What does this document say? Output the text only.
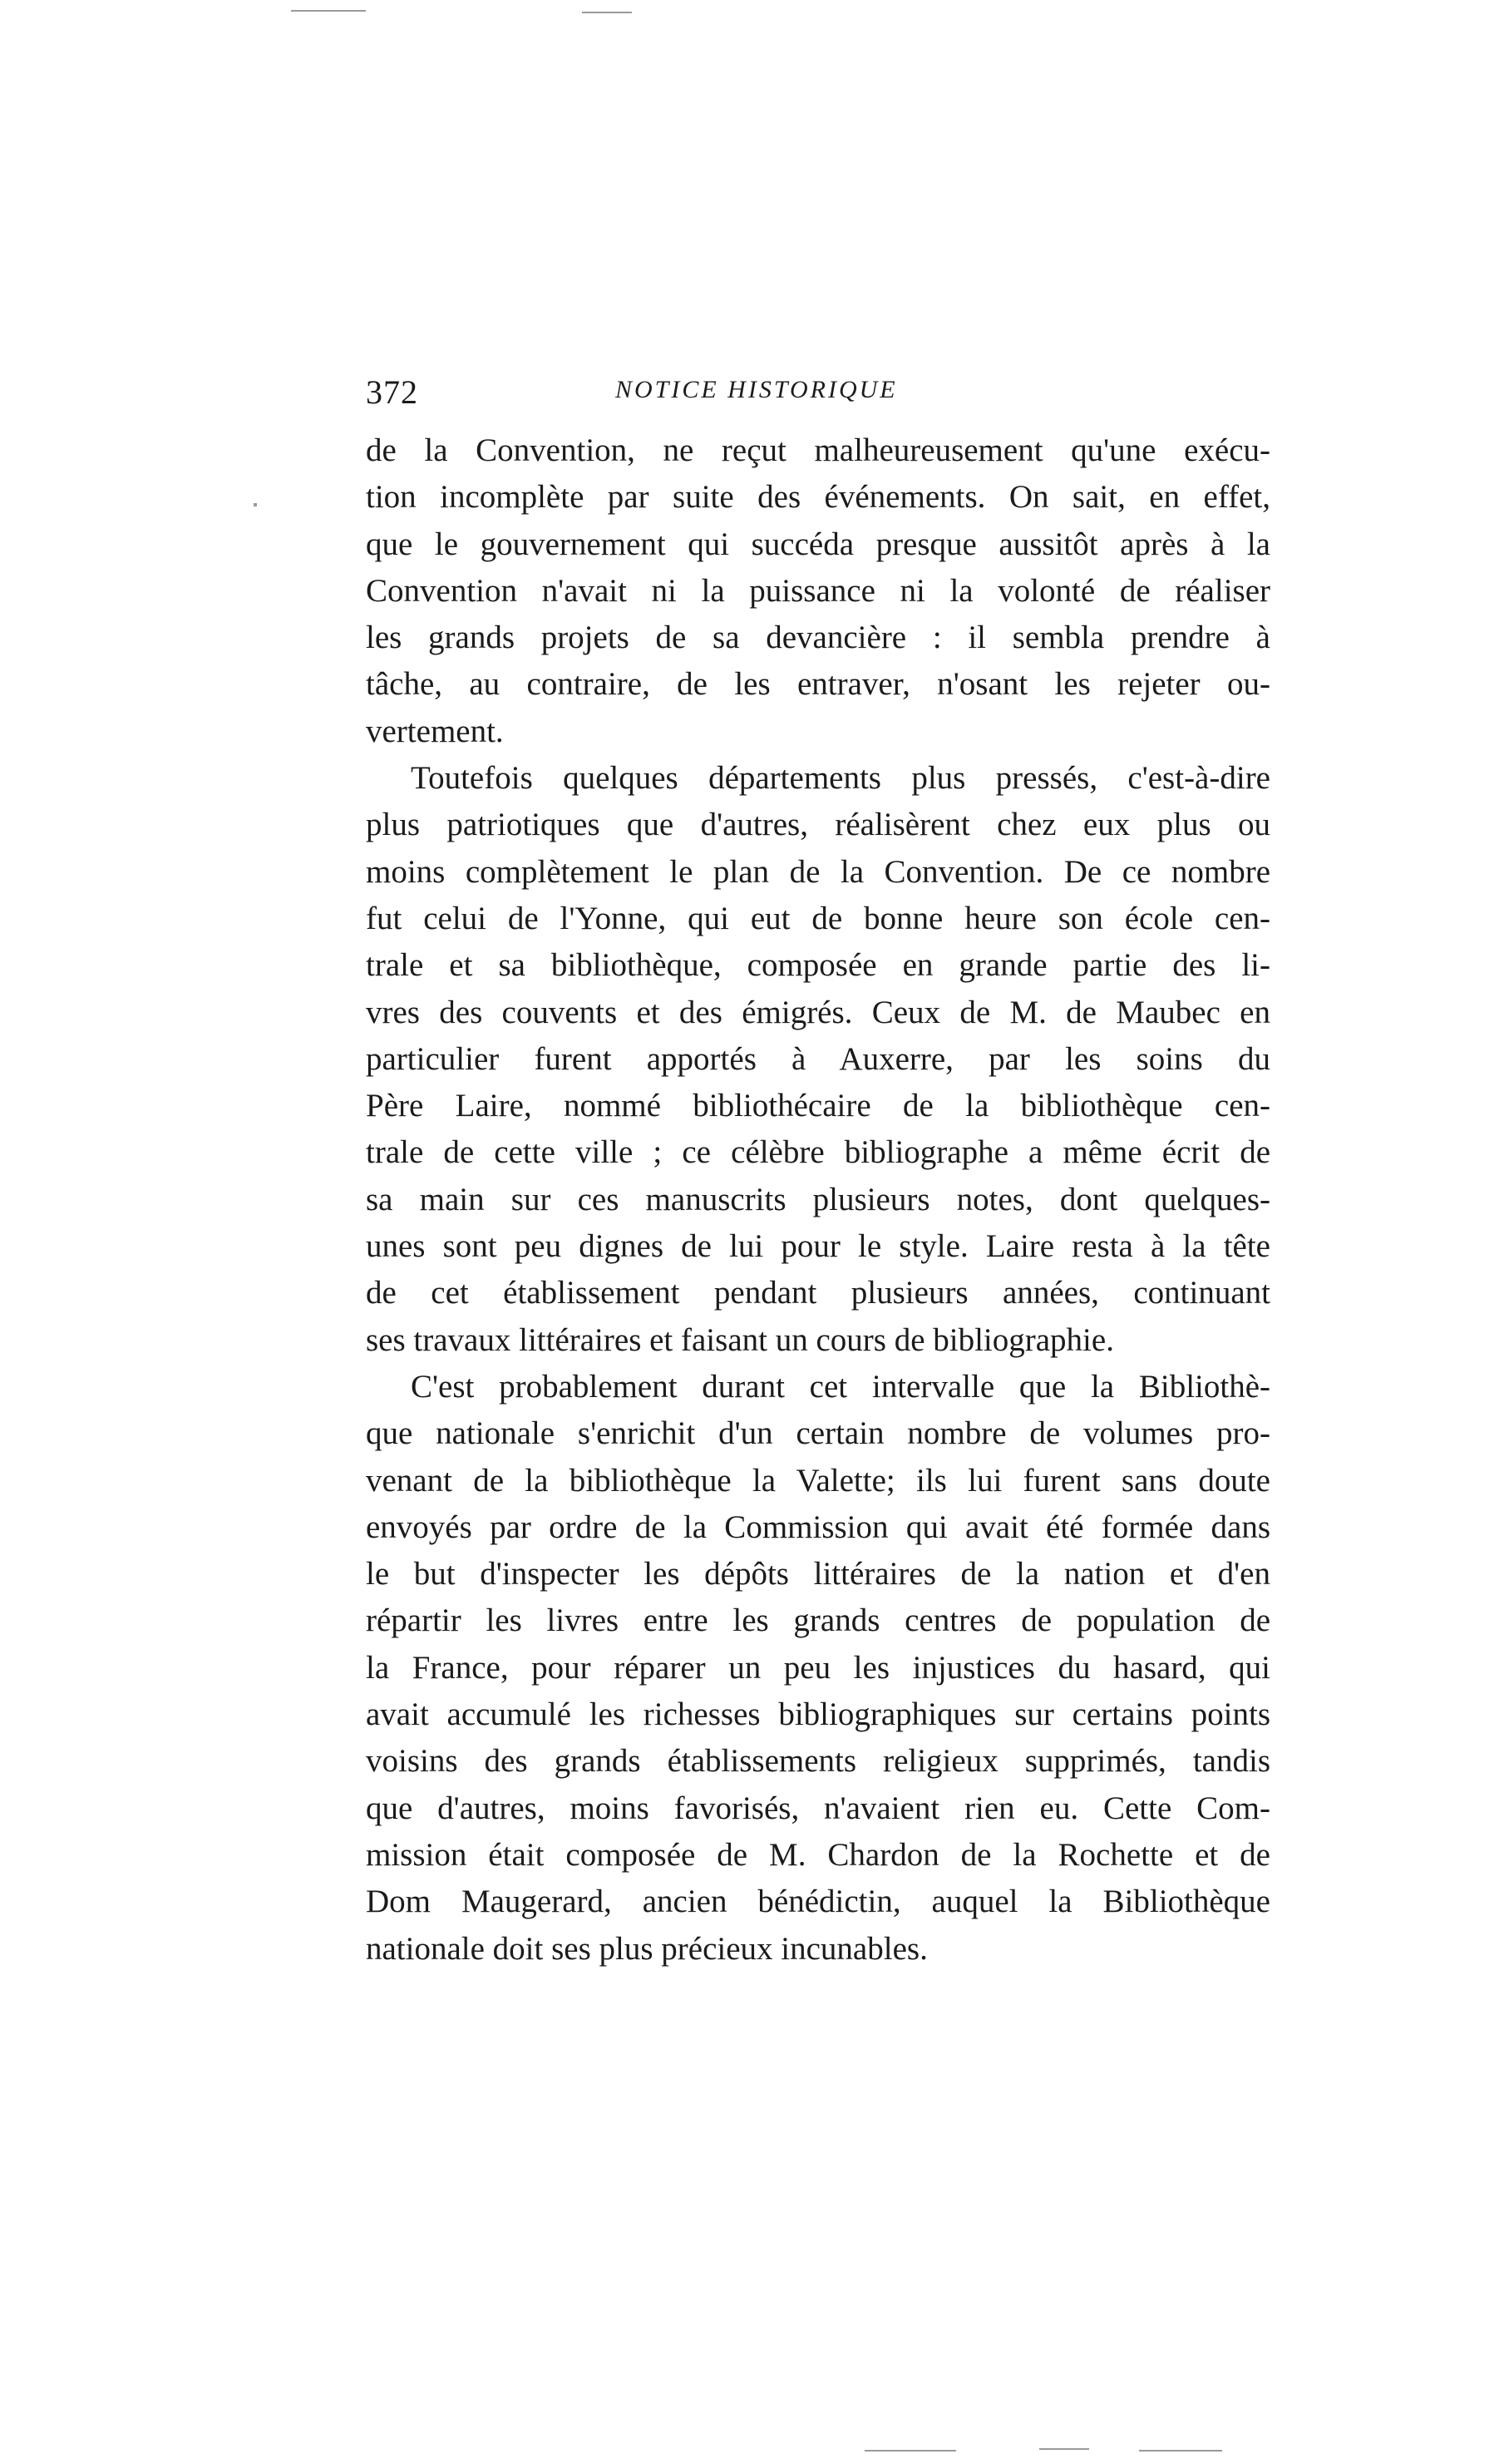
372	NOTICE HISTORIQUE
de la Convention, ne reçut malheureusement qu'une exécu-
tion incomplète par suite des événements. On sait, en effet,
que le gouvernement qui succéda presque aussitôt après à la
Convention n'avait ni la puissance ni la volonté de réaliser
les grands projets de sa devancière : il sembla prendre à
tâche, au contraire, de les entraver, n'osant les rejeter ou-
vertement.
Toutefois quelques départements plus pressés, c'est-à-dire
plus patriotiques que d'autres, réalisèrent chez eux plus ou
moins complètement le plan de la Convention. De ce nombre
fut celui de l'Yonne, qui eut de bonne heure son école cen-
trale et sa bibliothèque, composée en grande partie des li-
vres des couvents et des émigrés. Ceux de M. de Maubec en
particulier furent apportés à Auxerre, par les soins du
Père Laire, nommé bibliothécaire de la bibliothèque cen-
trale de cette ville ; ce célèbre bibliographe a même écrit de
sa main sur ces manuscrits plusieurs notes, dont quelques-
unes sont peu dignes de lui pour le style. Laire resta à la tête
de cet établissement pendant plusieurs années, continuant
ses travaux littéraires et faisant un cours de bibliographie.
C'est probablement durant cet intervalle que la Bibliothè-
que nationale s'enrichit d'un certain nombre de volumes pro-
venant de la bibliothèque la Valette; ils lui furent sans doute
envoyés par ordre de la Commission qui avait été formée dans
le but d'inspecter les dépôts littéraires de la nation et d'en
répartir les livres entre les grands centres de population de
la France, pour réparer un peu les injustices du hasard, qui
avait accumulé les richesses bibliographiques sur certains points
voisins des grands établissements religieux supprimés, tandis
que d'autres, moins favorisés, n'avaient rien eu. Cette Com-
mission était composée de M. Chardon de la Rochette et de
Dom Maugerard, ancien bénédictin, auquel la Bibliothèque
nationale doit ses plus précieux incunables.
